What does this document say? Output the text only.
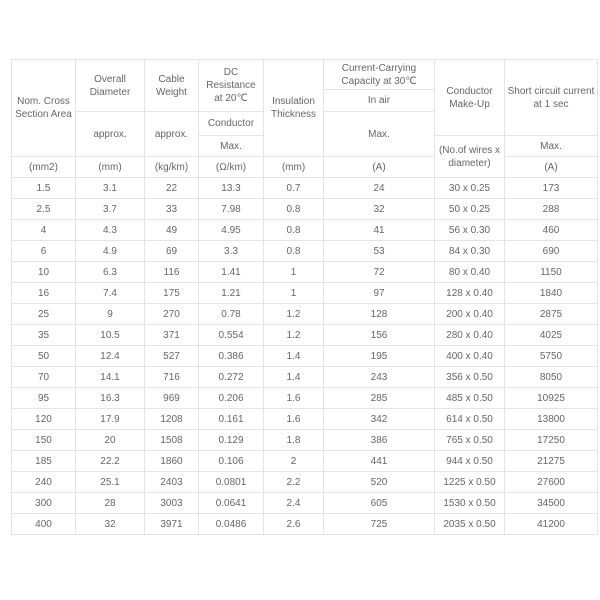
Nom. Cross Section Area	Overall Diameter	Cable Weight	DC Resistance at 20℃	Insulation Thickness	Current-Carrying Capacity at 30℃	Conductor Make-Up	Short circuit current at 1 sec
					In air		
	approx.	approx.	Conductor		Max.		
			Max.			(No.of wires x diameter)	Max.
(mm2)	(mm)	(kg/km)	(Ω/km)	(mm)	(A)		(A)
1.5	3.1	22	13.3	0.7	24	30 x 0.25	173
2.5	3.7	33	7.98	0.8	32	50 x 0.25	288
4	4.3	49	4.95	0.8	41	56 x 0.30	460
6	4.9	69	3.3	0.8	53	84 x 0.30	690
10	6.3	116	1.41	1	72	80 x 0.40	1150
16	7.4	175	1.21	1	97	128 x 0.40	1840
25	9	270	0.78	1.2	128	200 x 0.40	2875
35	10.5	371	0.554	1.2	156	280 x 0.40	4025
50	12.4	527	0.386	1.4	195	400 x 0.40	5750
70	14.1	716	0.272	1.4	243	356 x 0.50	8050
95	16.3	969	0.206	1.6	285	485 x 0.50	10925
120	17.9	1208	0.161	1.6	342	614 x 0.50	13800
150	20	1508	0.129	1.8	386	765 x 0.50	17250
185	22.2	1860	0.106	2	441	944 x 0.50	21275
240	25.1	2403	0.0801	2.2	520	1225 x 0.50	27600
300	28	3003	0.0641	2.4	605	1530 x 0.50	34500
400	32	3971	0.0486	2.6	725	2035 x 0.50	41200
